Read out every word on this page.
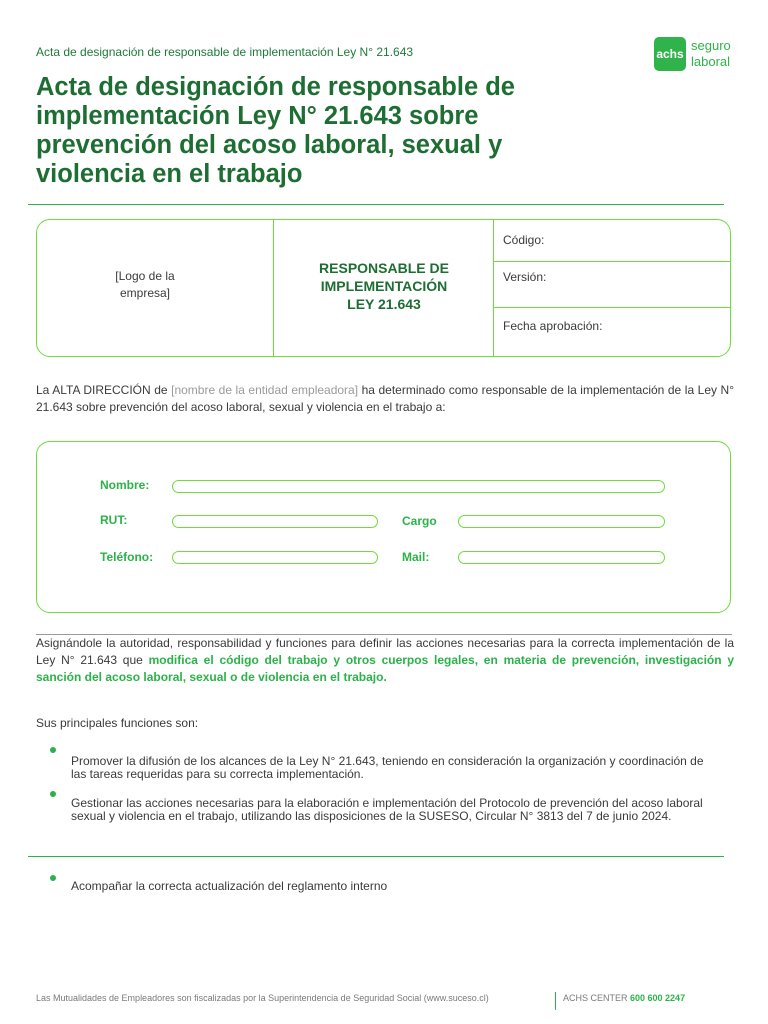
Acta de designación de responsable de implementación Ley N° 21.643	achs
seguro
laboral
Acta de designación de responsable de
implementación Ley N° 21.643 sobre
prevención del acoso laboral, sexual y
violencia en el trabajo
[Logo de la empresa]
RESPONSABLE DE
IMPLEMENTACIÓN
LEY 21.643
Código:
Versión:
Fecha aprobación:
La ALTA DIRECCIÓN de [nombre de la entidad empleadora] ha determinado como responsable de la implementación de la Ley N° 21.643 sobre prevención del acoso laboral, sexual y violencia en el trabajo a:
Nombre:
RUT:	Cargo
Teléfono:	Mail:
Asignándole la autoridad, responsabilidad y funciones para definir las acciones necesarias para la correcta implementación de la Ley N° 21.643 que modifica el código del trabajo y otros cuerpos legales, en materia de prevención, investigación y sanción del acoso laboral, sexual o de violencia en el trabajo.
Sus principales funciones son:
Promover la difusión de los alcances de la Ley N° 21.643, teniendo en consideración la organización y coordinación de las tareas requeridas para su correcta implementación.
Gestionar las acciones necesarias para la elaboración e implementación del Protocolo de prevención del acoso laboral sexual y violencia en el trabajo, utilizando las disposiciones de la SUSESO, Circular N° 3813 del 7 de junio 2024.
Acompañar la correcta actualización del reglamento interno
Las Mutualidades de Empleadores son fiscalizadas por la Superintendencia de Seguridad Social (www.suceso.cl)	ACHS CENTER 600 600 2247
